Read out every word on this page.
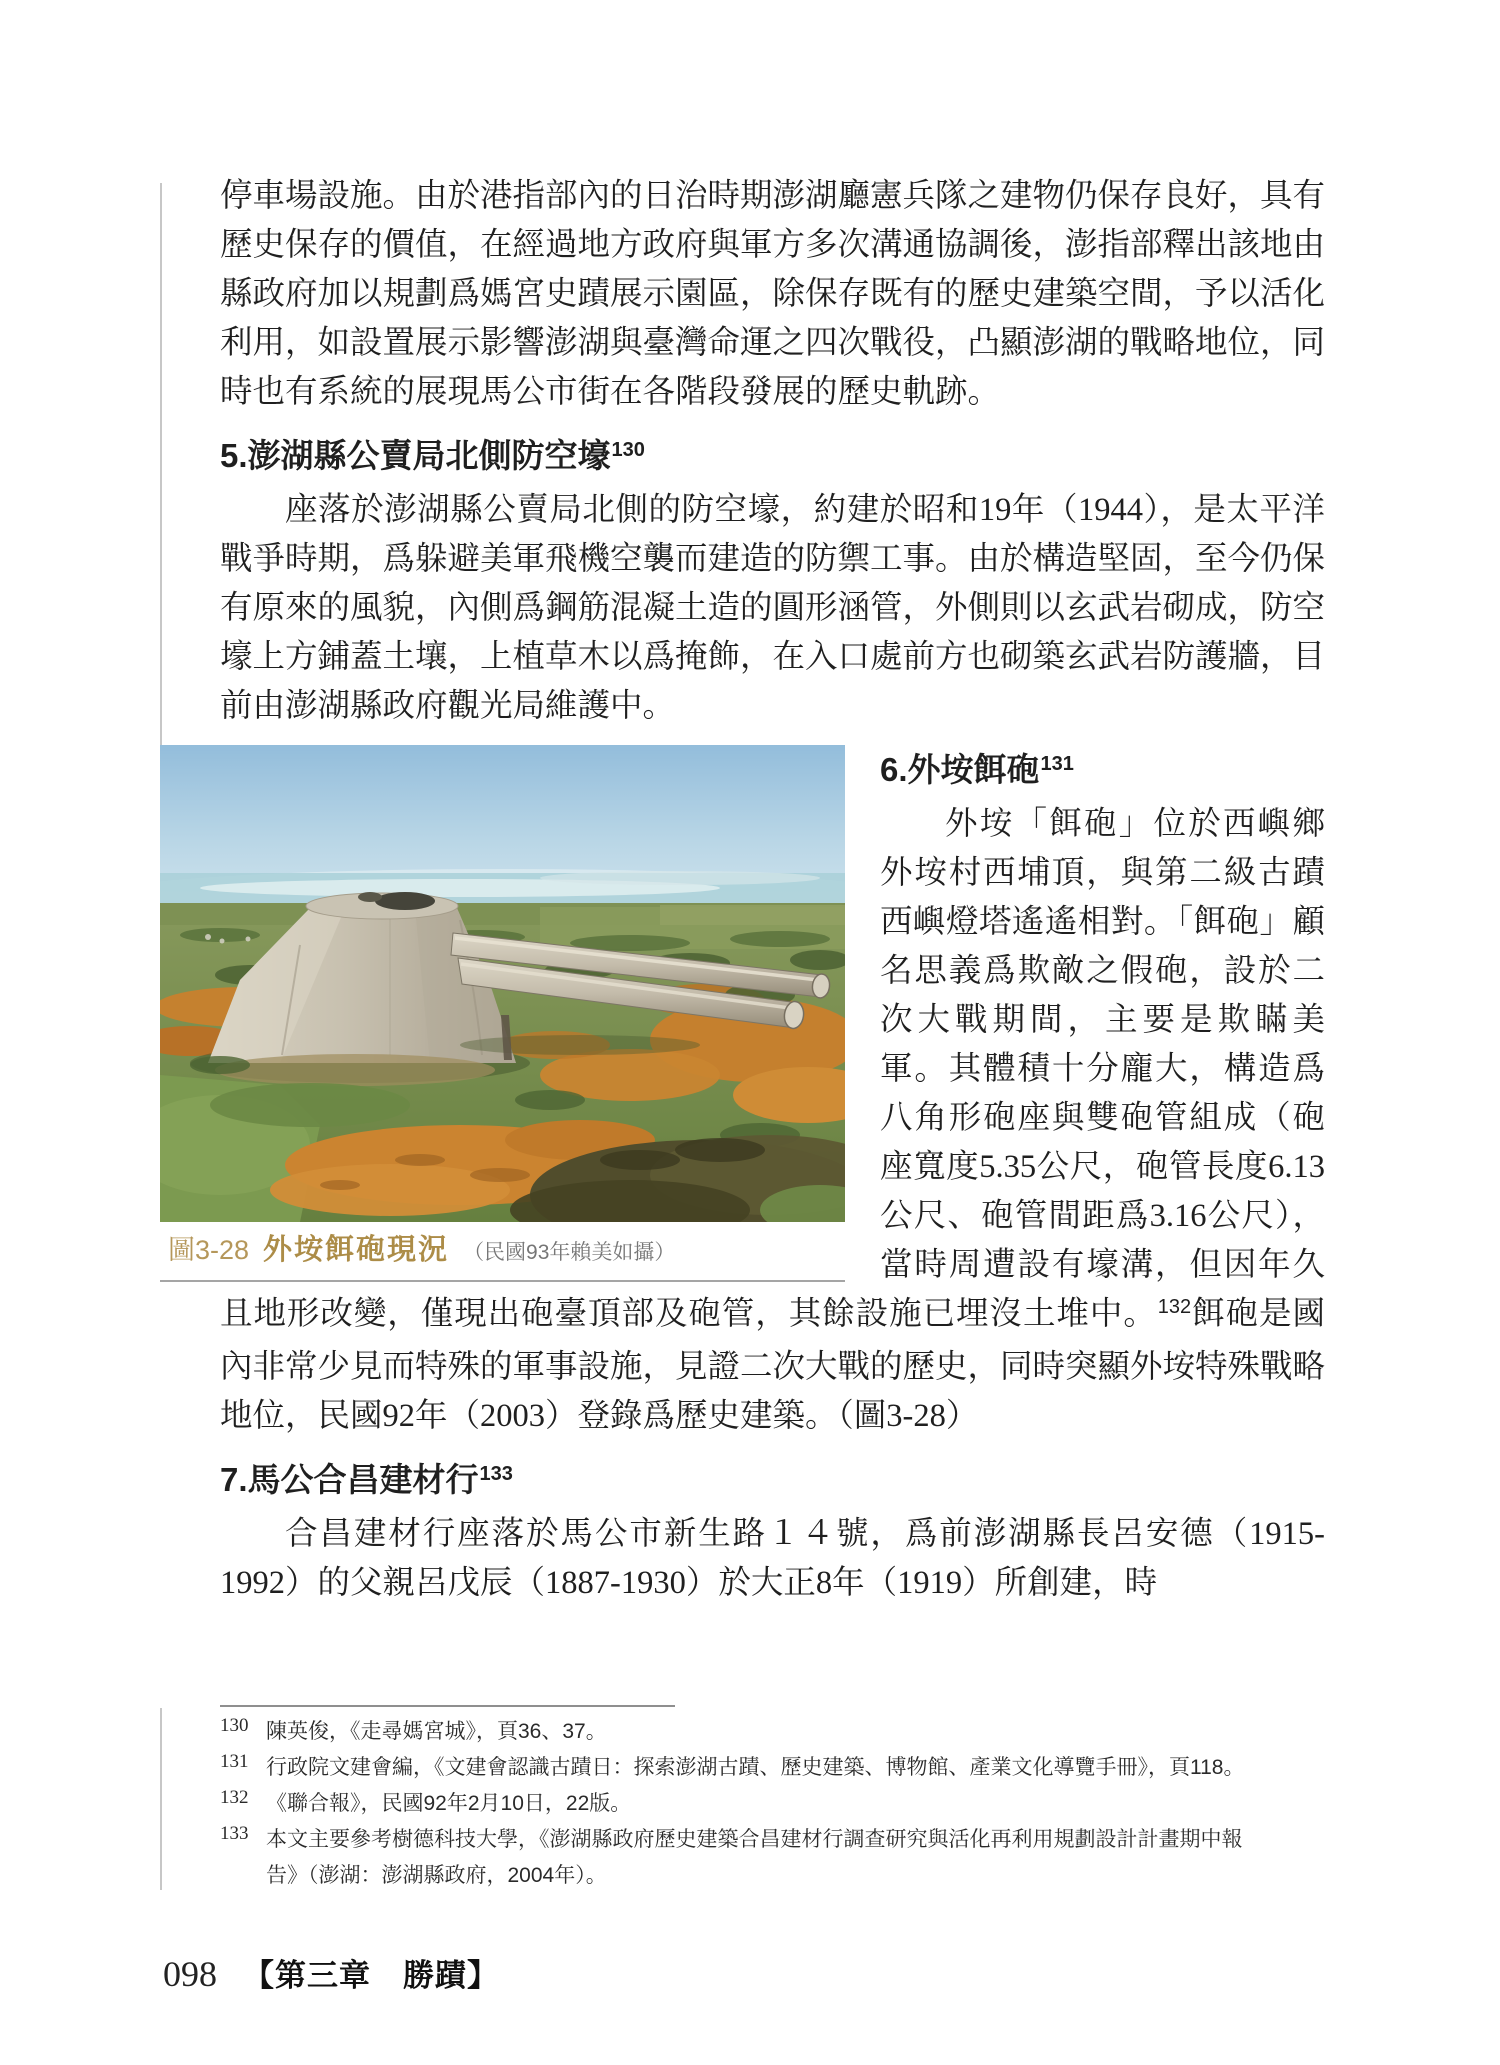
停車場設施。由於港指部內的日治時期澎湖廳憲兵隊之建物仍保存良好，具有歷史保存的價值，在經過地方政府與軍方多次溝通協調後，澎指部釋出該地由縣政府加以規劃爲媽宮史蹟展示園區，除保存既有的歷史建築空間，予以活化利用，如設置展示影響澎湖與臺灣命運之四次戰役，凸顯澎湖的戰略地位，同時也有系統的展現馬公市街在各階段發展的歷史軌跡。

5.澎湖縣公賣局北側防空壕$^{130}$

座落於澎湖縣公賣局北側的防空壕，約建於昭和19年（1944），是太平洋戰爭時期，爲躲避美軍飛機空襲而建造的防禦工事。由於構造堅固，至今仍保有原來的風貌，內側爲鋼筋混凝土造的圓形涵管，外側則以玄武岩砌成，防空壕上方鋪蓋土壤，上植草木以爲掩飾，在入口處前方也砌築玄武岩防護牆，目前由澎湖縣政府觀光局維護中。

圖3-28 外垵餌砲現況 （民國93年賴美如攝）
6.外垵餌砲$^{131}$

外垵「餌砲」位於西嶼鄉外垵村西埔頂，與第二級古蹟西嶼燈塔遙遙相對。「餌砲」顧名思義爲欺敵之假砲，設於二次大戰期間，主要是欺瞞美軍。其體積十分龐大，構造爲八角形砲座與雙砲管組成（砲座寬度5.35公尺，砲管長度6.13公尺、砲管間距爲3.16公尺），當時周遭設有壕溝，但因年久且地形改變，僅現出砲臺頂部及砲管，其餘設施已埋沒土堆中。$^{132}$餌砲是國內非常少見而特殊的軍事設施，見證二次大戰的歷史，同時突顯外垵特殊戰略地位，民國92年（2003）登錄爲歷史建築。（圖3-28）

7.馬公合昌建材行$^{133}$

合昌建材行座落於馬公市新生路１４號，爲前澎湖縣長呂安德（1915-1992）的父親呂戊辰（1887-1930）於大正8年（1919）所創建，時

130 陳英俊，《走尋媽宮城》，頁36、37。
131 行政院文建會編，《文建會認識古蹟日：探索澎湖古蹟、歷史建築、博物館、產業文化導覽手冊》，頁118。
132 《聯合報》，民國92年2月10日，22版。
133 本文主要參考樹德科技大學，《澎湖縣政府歷史建築合昌建材行調查研究與活化再利用規劃設計計畫期中報告》（澎湖：澎湖縣政府，2004年）。
098 【第三章　勝蹟】
